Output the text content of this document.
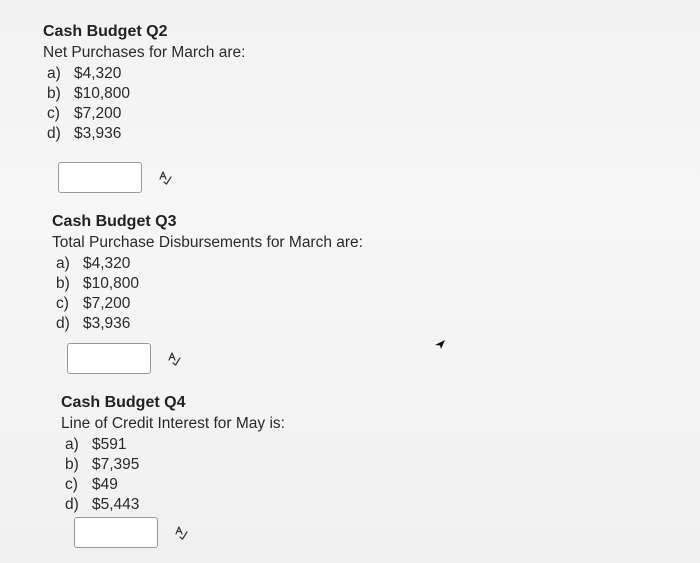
Cash Budget Q2
Net Purchases for March are:
a) $4,320
b) $10,800
c) $7,200
d) $3,936
Cash Budget Q3
Total Purchase Disbursements for March are:
a) $4,320
b) $10,800
c) $7,200
d) $3,936
Cash Budget Q4
Line of Credit Interest for May is:
a) $591
b) $7,395
c) $49
d) $5,443
